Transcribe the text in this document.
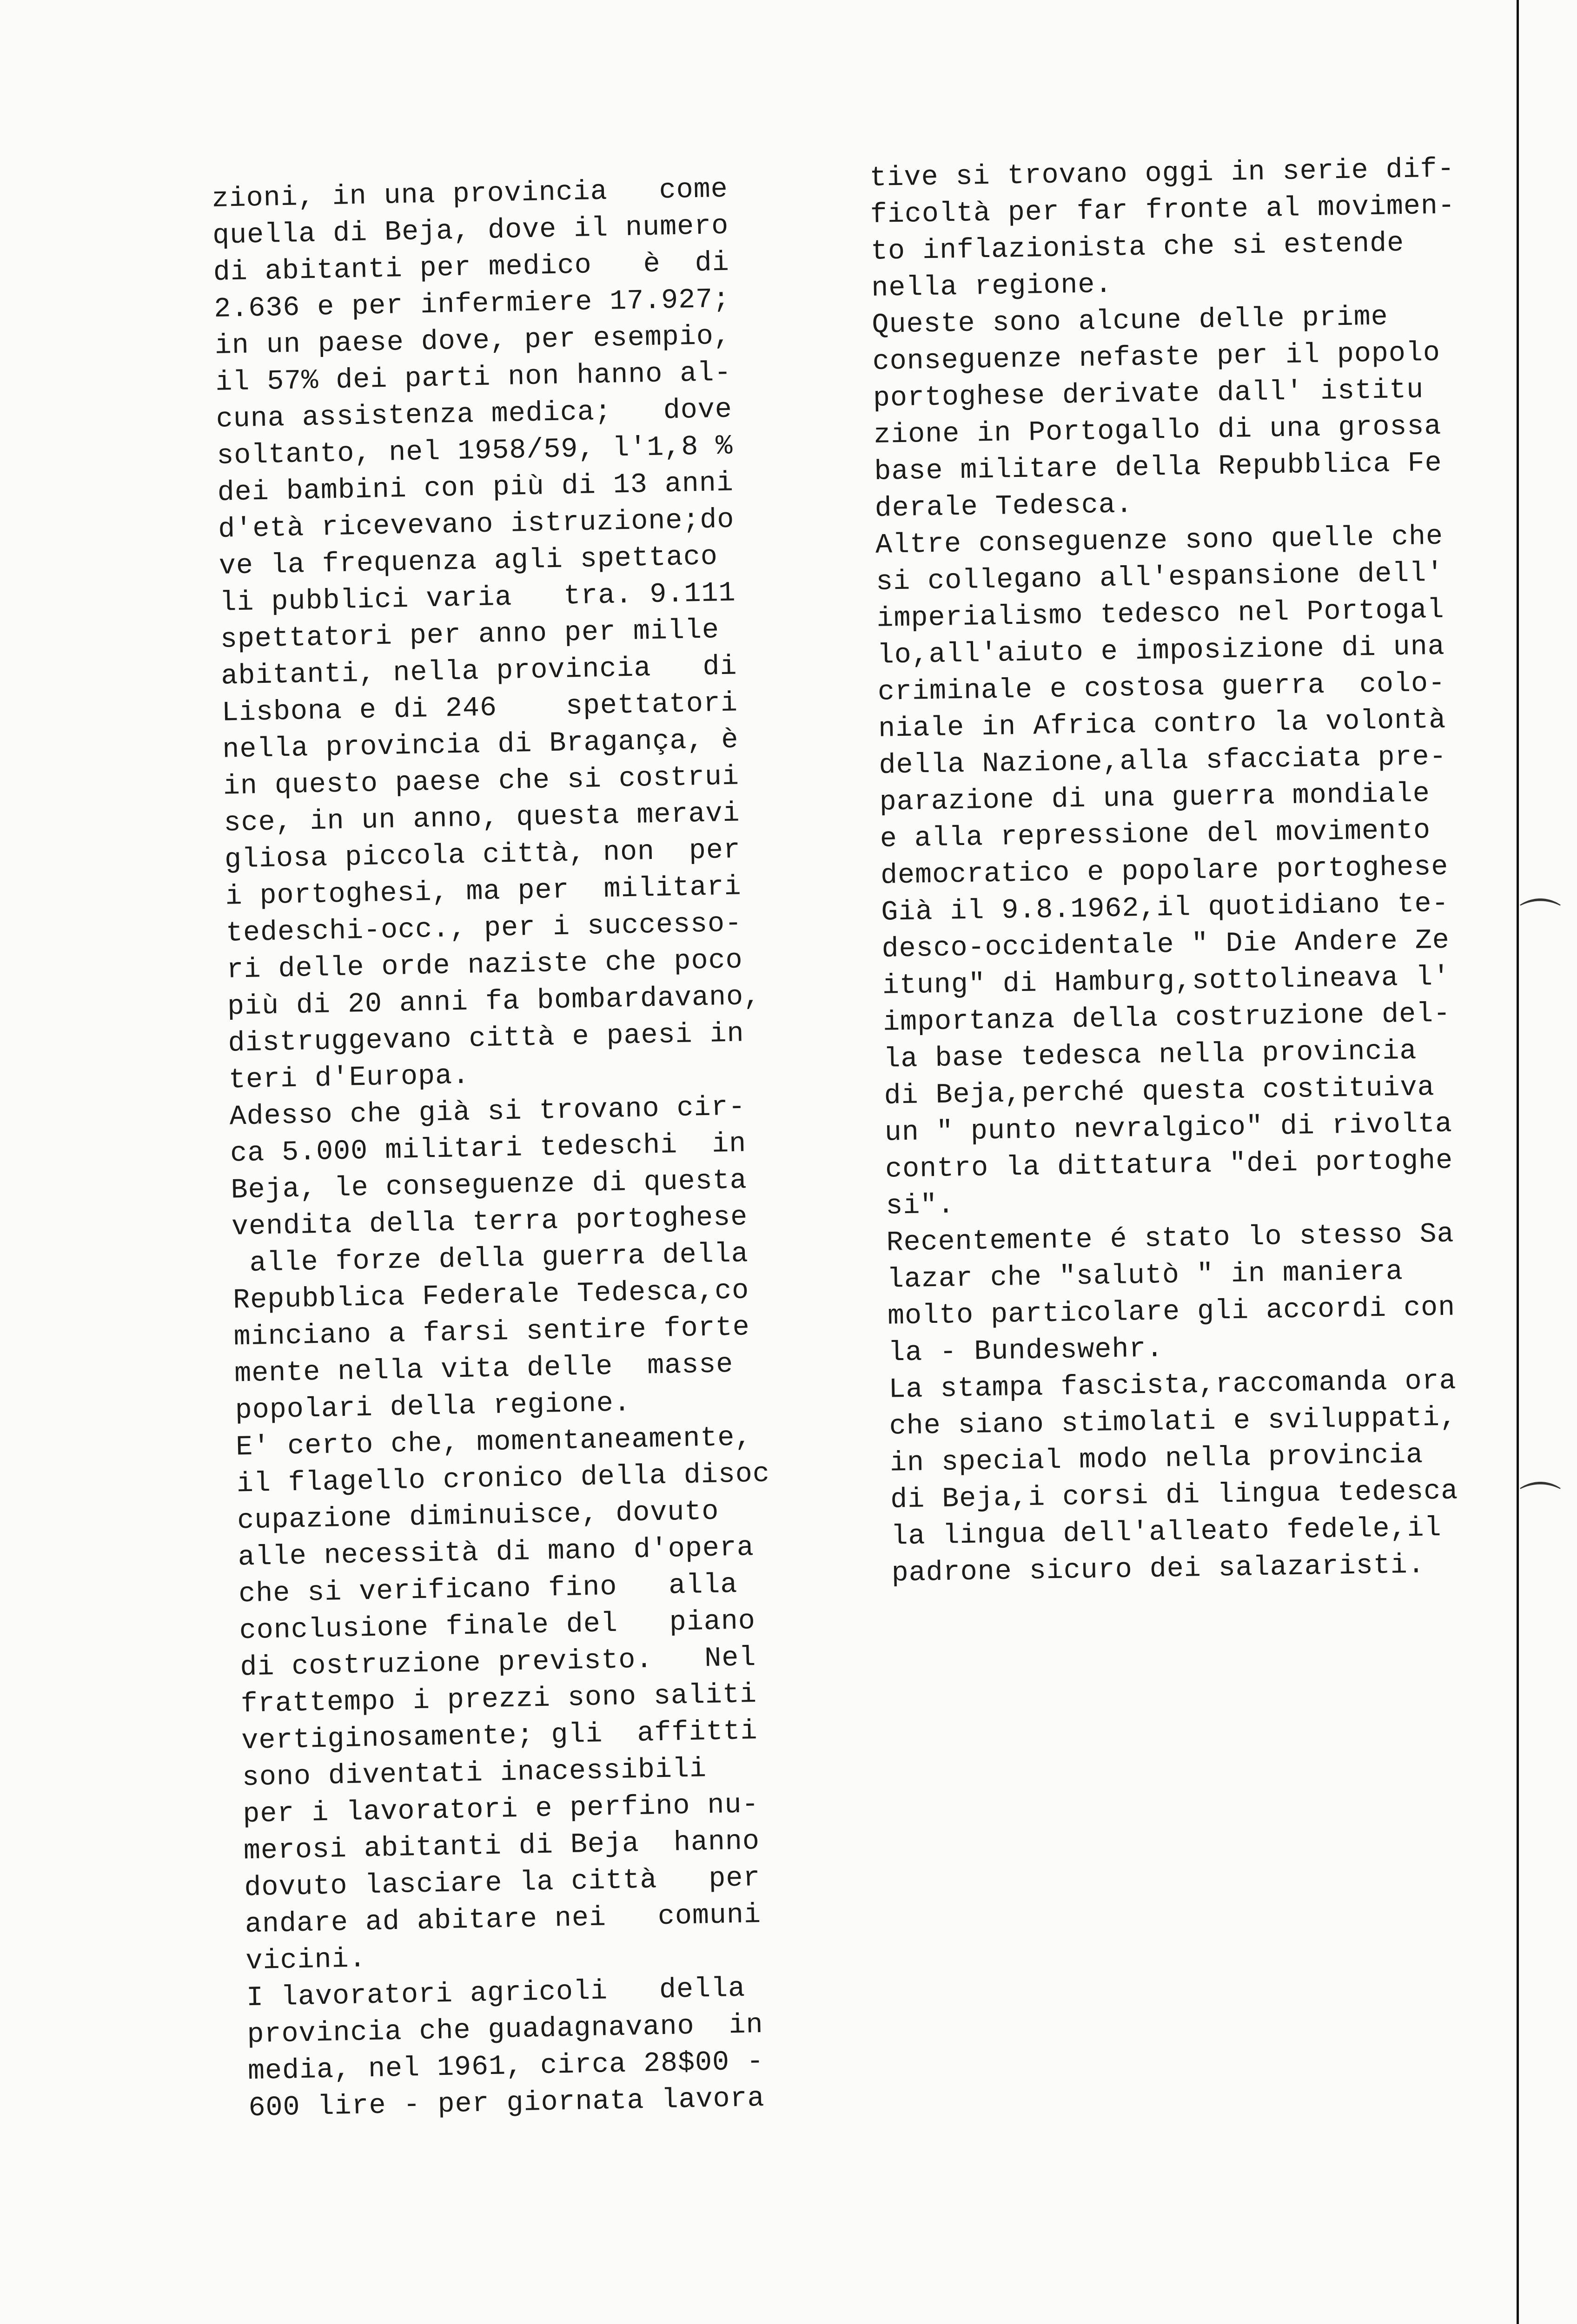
zioni, in una provincia   come
quella di Beja, dove il numero
di abitanti per medico   è  di
2.636 e per infermiere 17.927;
in un paese dove, per esempio,
il 57% dei parti non hanno al-
cuna assistenza medica;   dove
soltanto, nel 1958/59, l'1,8 %
dei bambini con più di 13 anni
d'età ricevevano istruzione;do
ve la frequenza agli spettaco
li pubblici varia   tra. 9.111
spettatori per anno per mille
abitanti, nella provincia   di
Lisbona e di 246    spettatori
nella provincia di Bragança, è
in questo paese che si costrui
sce, in un anno, questa meravi
gliosa piccola città, non  per
i portoghesi, ma per  militari
tedeschi-occ., per i successo-
ri delle orde naziste che poco
più di 20 anni fa bombardavano,
distruggevano città e paesi in
teri d'Europa.
Adesso che già si trovano cir-
ca 5.000 militari tedeschi  in
Beja, le conseguenze di questa
vendita della terra portoghese
alle forze della guerra della
Repubblica Federale Tedesca,co
minciano a farsi sentire forte
mente nella vita delle  masse
popolari della regione.
E' certo che, momentaneamente,
il flagello cronico della disoc
cupazione diminuisce, dovuto
alle necessità di mano d'opera
che si verificano fino   alla
conclusione finale del   piano
di costruzione previsto.   Nel
frattempo i prezzi sono saliti
vertiginosamente; gli  affitti
sono diventati inacessibili
per i lavoratori e perfino nu-
merosi abitanti di Beja  hanno
dovuto lasciare la città   per
andare ad abitare nei   comuni
vicini.
I lavoratori agricoli   della
provincia che guadagnavano  in
media, nel 1961, circa 28$00 -
600 lire - per giornata lavora
tive si trovano oggi in serie dif-
ficoltà per far fronte al movimen-
to inflazionista che si estende
nella regione.
Queste sono alcune delle prime
conseguenze nefaste per il popolo
portoghese derivate dall' istitu
zione in Portogallo di una grossa
base militare della Repubblica Fe
derale Tedesca.
Altre conseguenze sono quelle che
si collegano all'espansione dell'
imperialismo tedesco nel Portogal
lo,all'aiuto e imposizione di una
criminale e costosa guerra  colo-
niale in Africa contro la volontà
della Nazione,alla sfacciata pre-
parazione di una guerra mondiale
e alla repressione del movimento
democratico e popolare portoghese
Già il 9.8.1962,il quotidiano te-
desco-occidentale " Die Andere Ze
itung" di Hamburg,sottolineava l'
importanza della costruzione del-
la base tedesca nella provincia
di Beja,perché questa costituiva
un " punto nevralgico" di rivolta
contro la dittatura "dei portoghe
si".
Recentemente é stato lo stesso Sa
lazar che "salutò " in maniera
molto particolare gli accordi con
la - Bundeswehr.
La stampa fascista,raccomanda ora
che siano stimolati e sviluppati,
in special modo nella provincia
di Beja,i corsi di lingua tedesca
la lingua dell'alleato fedele,il
padrone sicuro dei salazaristi.
⌒
⌒
